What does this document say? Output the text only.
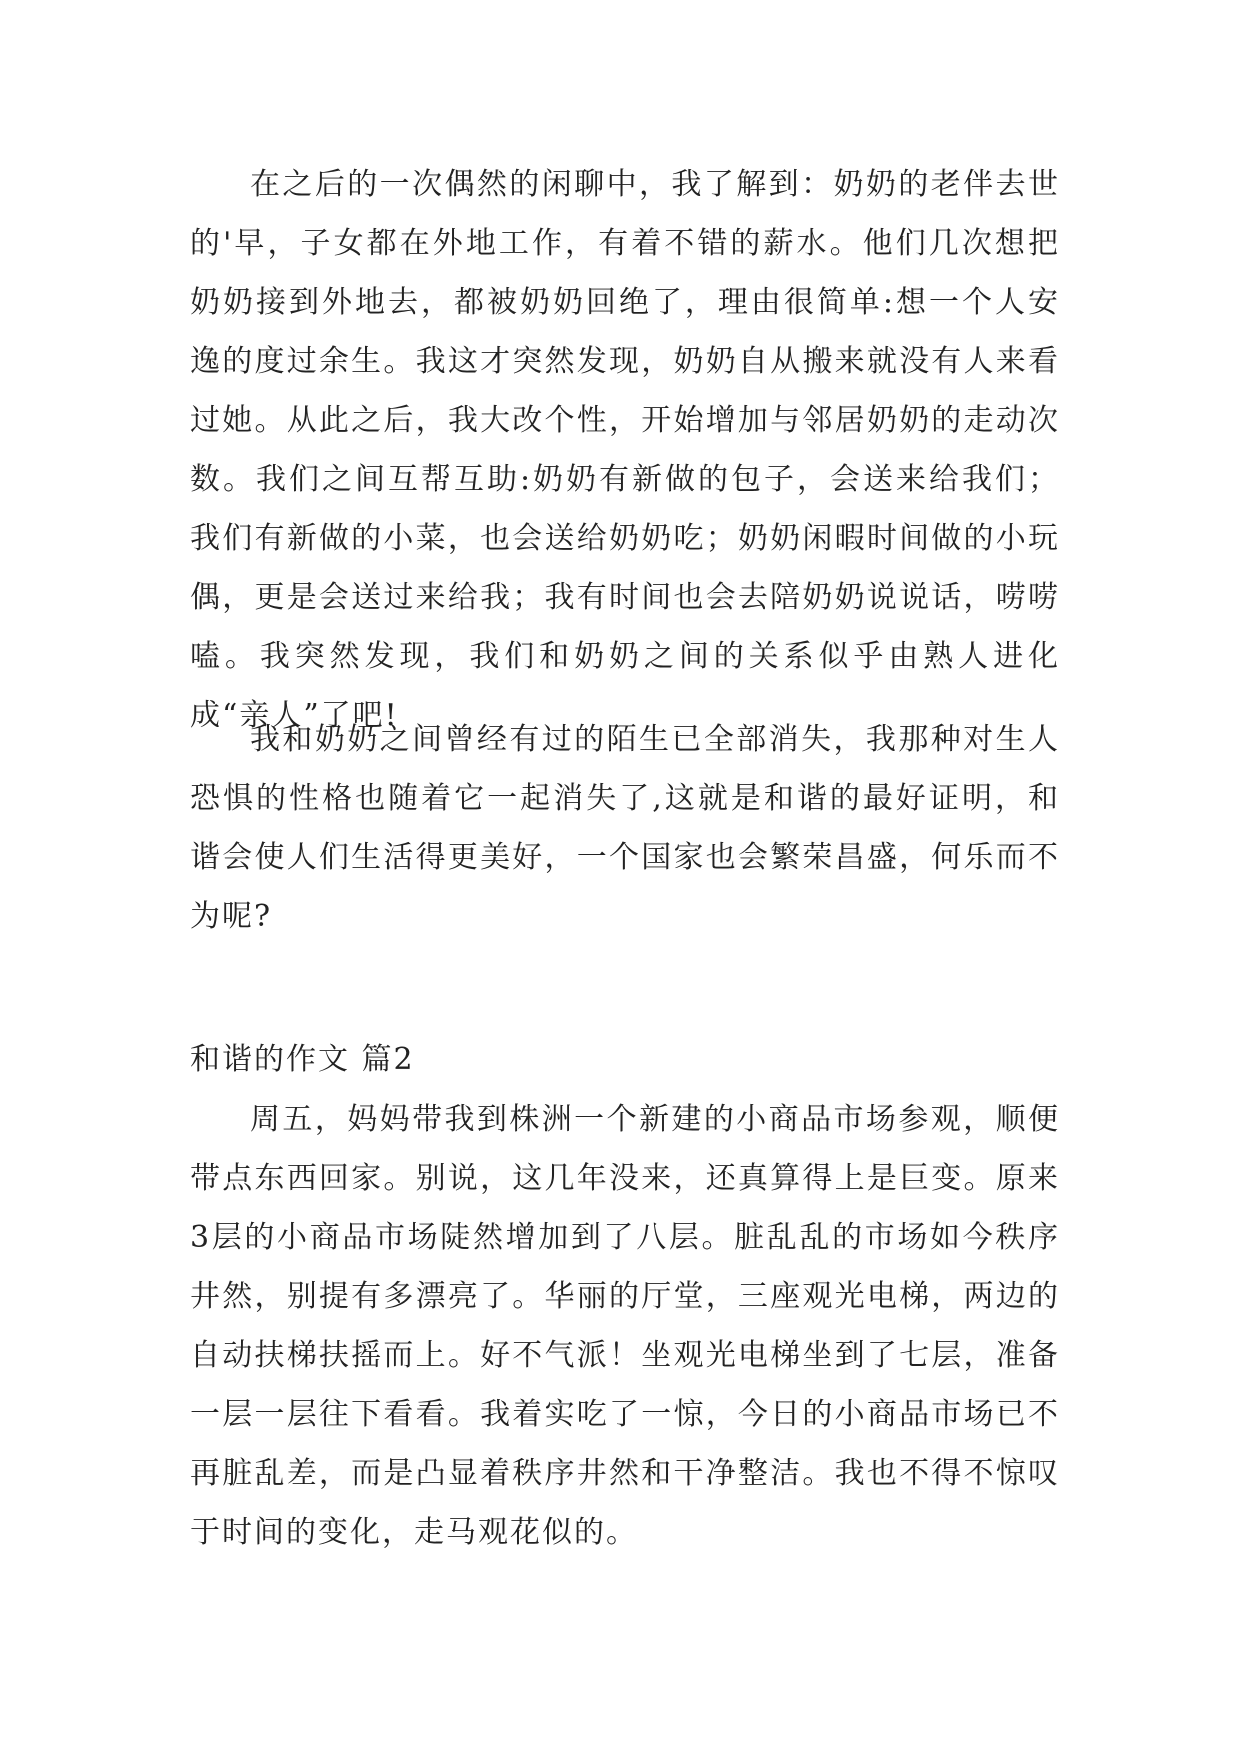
在之后的一次偶然的闲聊中，我了解到：奶奶的老伴去世的'早，子女都在外地工作，有着不错的薪水。他们几次想把奶奶接到外地去，都被奶奶回绝了，理由很简单:想一个人安逸的度过余生。我这才突然发现，奶奶自从搬来就没有人来看过她。从此之后，我大改个性，开始增加与邻居奶奶的走动次数。我们之间互帮互助:奶奶有新做的包子，会送来给我们；我们有新做的小菜，也会送给奶奶吃；奶奶闲暇时间做的小玩偶，更是会送过来给我；我有时间也会去陪奶奶说说话，唠唠嗑。我突然发现，我们和奶奶之间的关系似乎由熟人进化成“亲人”了吧!

我和奶奶之间曾经有过的陌生已全部消失，我那种对生人恐惧的性格也随着它一起消失了,这就是和谐的最好证明，和谐会使人们生活得更美好，一个国家也会繁荣昌盛，何乐而不为呢?

和谐的作文 篇2

周五，妈妈带我到株洲一个新建的小商品市场参观，顺便带点东西回家。别说，这几年没来，还真算得上是巨变。原来3层的小商品市场陡然增加到了八层。脏乱乱的市场如今秩序井然，别提有多漂亮了。华丽的厅堂，三座观光电梯，两边的自动扶梯扶摇而上。好不气派！坐观光电梯坐到了七层，准备一层一层往下看看。我着实吃了一惊，今日的小商品市场已不再脏乱差，而是凸显着秩序井然和干净整洁。我也不得不惊叹于时间的变化，走马观花似的。
